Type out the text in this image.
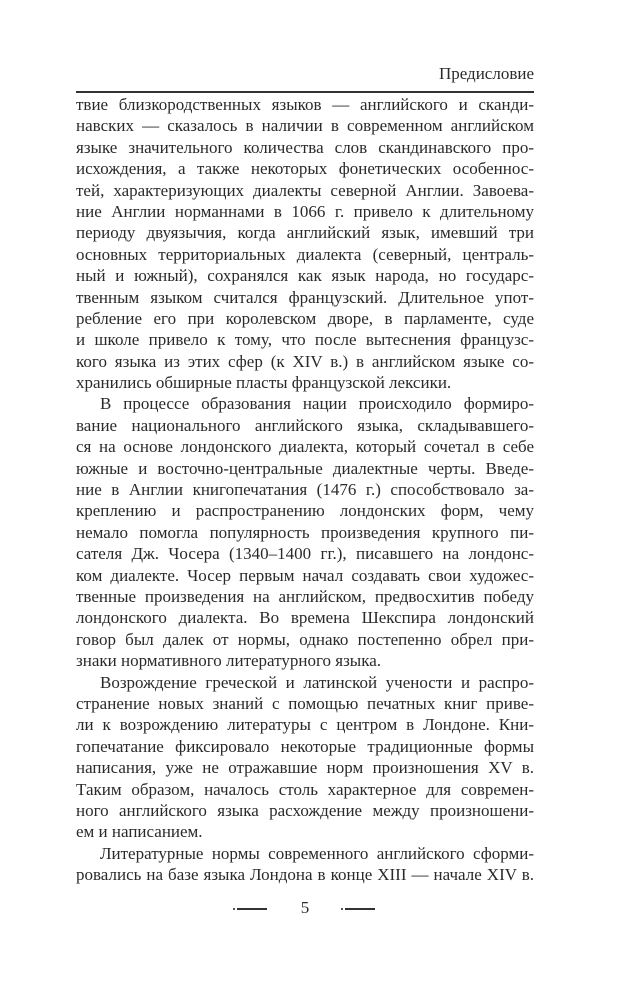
Предисловие
твие близкородственных языков — английского и сканди-
навских — сказалось в наличии в современном английском
языке значительного количества слов скандинавского про-
исхождения, а также некоторых фонетических особеннос-
тей, характеризующих диалекты северной Англии. Завоева-
ние Англии норманнами в 1066 г. привело к длительному
периоду двуязычия, когда английский язык, имевший три
основных территориальных диалекта (северный, централь-
ный и южный), сохранялся как язык народа, но государс-
твенным языком считался французский. Длительное упот-
ребление его при королевском дворе, в парламенте, суде
и школе привело к тому, что после вытеснения французс-
кого языка из этих сфер (к XIV в.) в английском языке со-
хранились обширные пласты французской лексики.
В процессе образования нации происходило формиро-
вание национального английского языка, складывавшего-
ся на основе лондонского диалекта, который сочетал в себе
южные и восточно-центральные диалектные черты. Введе-
ние в Англии книгопечатания (1476 г.) способствовало за-
креплению и распространению лондонских форм, чему
немало помогла популярность произведения крупного пи-
сателя Дж. Чосера (1340–1400 гг.), писавшего на лондонс-
ком диалекте. Чосер первым начал создавать свои художес-
твенные произведения на английском, предвосхитив победу
лондонского диалекта. Во времена Шекспира лондонский
говор был далек от нормы, однако постепенно обрел при-
знаки нормативного литературного языка.
Возрождение греческой и латинской учености и распро-
странение новых знаний с помощью печатных книг приве-
ли к возрождению литературы с центром в Лондоне. Кни-
гопечатание фиксировало некоторые традиционные формы
написания, уже не отражавшие норм произношения XV в.
Таким образом, началось столь характерное для современ-
ного английского языка расхождение между произношени-
ем и написанием.
Литературные нормы современного английского сформи-
ровались на базе языка Лондона в конце XIII — начале XIV в.
5
